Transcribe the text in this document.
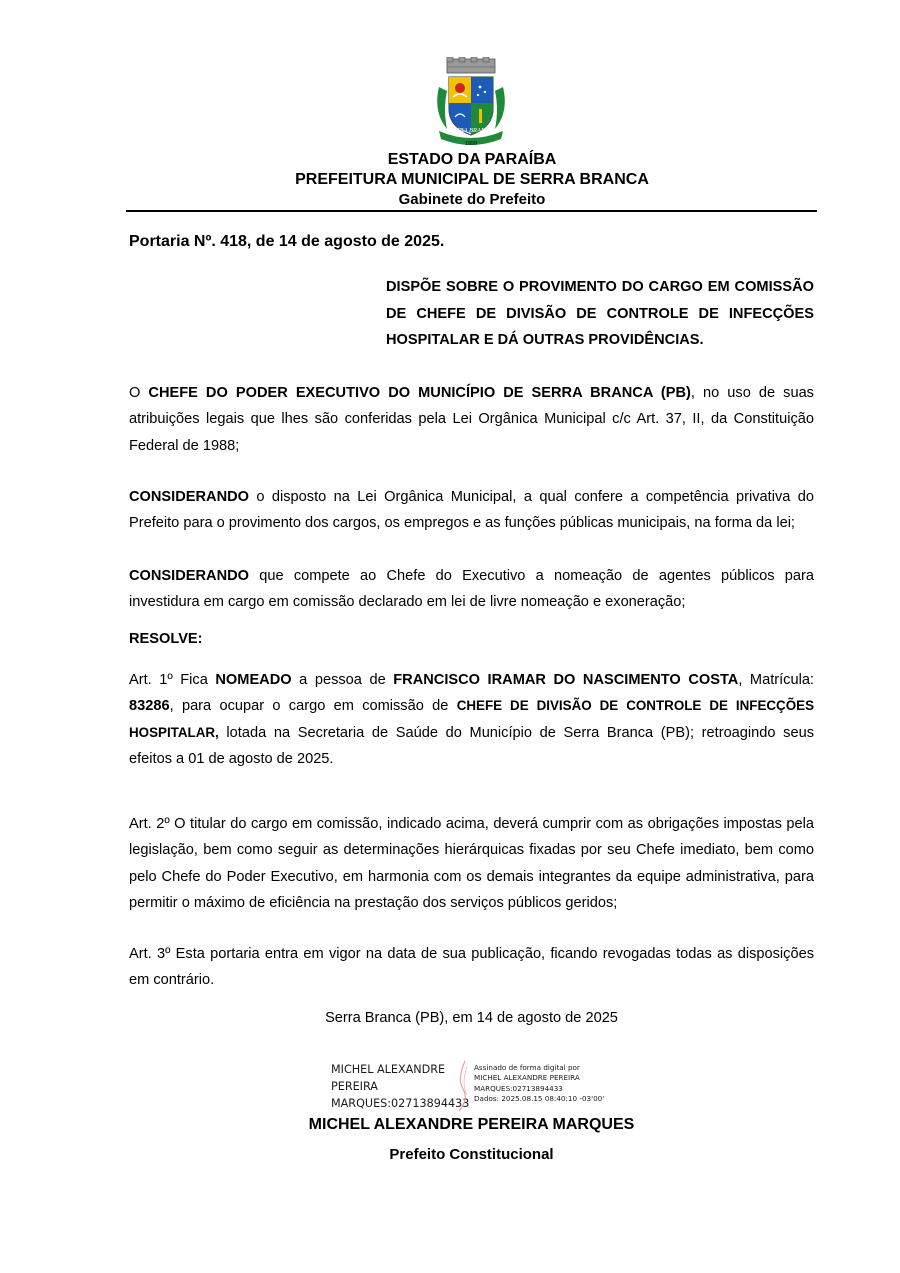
SERRA BRANCA
1959
ESTADO DA PARAÍBA
PREFEITURA MUNICIPAL DE SERRA BRANCA
Gabinete do Prefeito
Portaria Nº. 418, de 14 de agosto de 2025.
DISPÕE SOBRE O PROVIMENTO DO CARGO EM COMISSÃO DE CHEFE DE DIVISÃO DE CONTROLE DE INFECÇÕES HOSPITALAR E DÁ OUTRAS PROVIDÊNCIAS.
O CHEFE DO PODER EXECUTIVO DO MUNICÍPIO DE SERRA BRANCA (PB), no uso de suas atribuições legais que lhes são conferidas pela Lei Orgânica Municipal c/c Art. 37, II, da Constituição Federal de 1988;
CONSIDERANDO o disposto na Lei Orgânica Municipal, a qual confere a competência privativa do Prefeito para o provimento dos cargos, os empregos e as funções públicas municipais, na forma da lei;
CONSIDERANDO que compete ao Chefe do Executivo a nomeação de agentes públicos para investidura em cargo em comissão declarado em lei de livre nomeação e exoneração;
RESOLVE:
Art. 1º Fica NOMEADO a pessoa de FRANCISCO IRAMAR DO NASCIMENTO COSTA, Matrícula: 83286, para ocupar o cargo em comissão de CHEFE DE DIVISÃO DE CONTROLE DE INFECÇÕES HOSPITALAR, lotada na Secretaria de Saúde do Município de Serra Branca (PB); retroagindo seus efeitos a 01 de agosto de 2025.
Art. 2º O titular do cargo em comissão, indicado acima, deverá cumprir com as obrigações impostas pela legislação, bem como seguir as determinações hierárquicas fixadas por seu Chefe imediato, bem como pelo Chefe do Poder Executivo, em harmonia com os demais integrantes da equipe administrativa, para permitir o máximo de eficiência na prestação dos serviços públicos geridos;
Art. 3º Esta portaria entra em vigor na data de sua publicação, ficando revogadas todas as disposições em contrário.
Serra Branca (PB), em 14 de agosto de 2025
MICHEL ALEXANDRE
PEREIRA
MARQUES:02713894433
Assinado de forma digital por
MICHEL ALEXANDRE PEREIRA
MARQUES:02713894433
Dados: 2025.08.15 08:40:10 -03'00'
MICHEL ALEXANDRE PEREIRA MARQUES
Prefeito Constitucional
